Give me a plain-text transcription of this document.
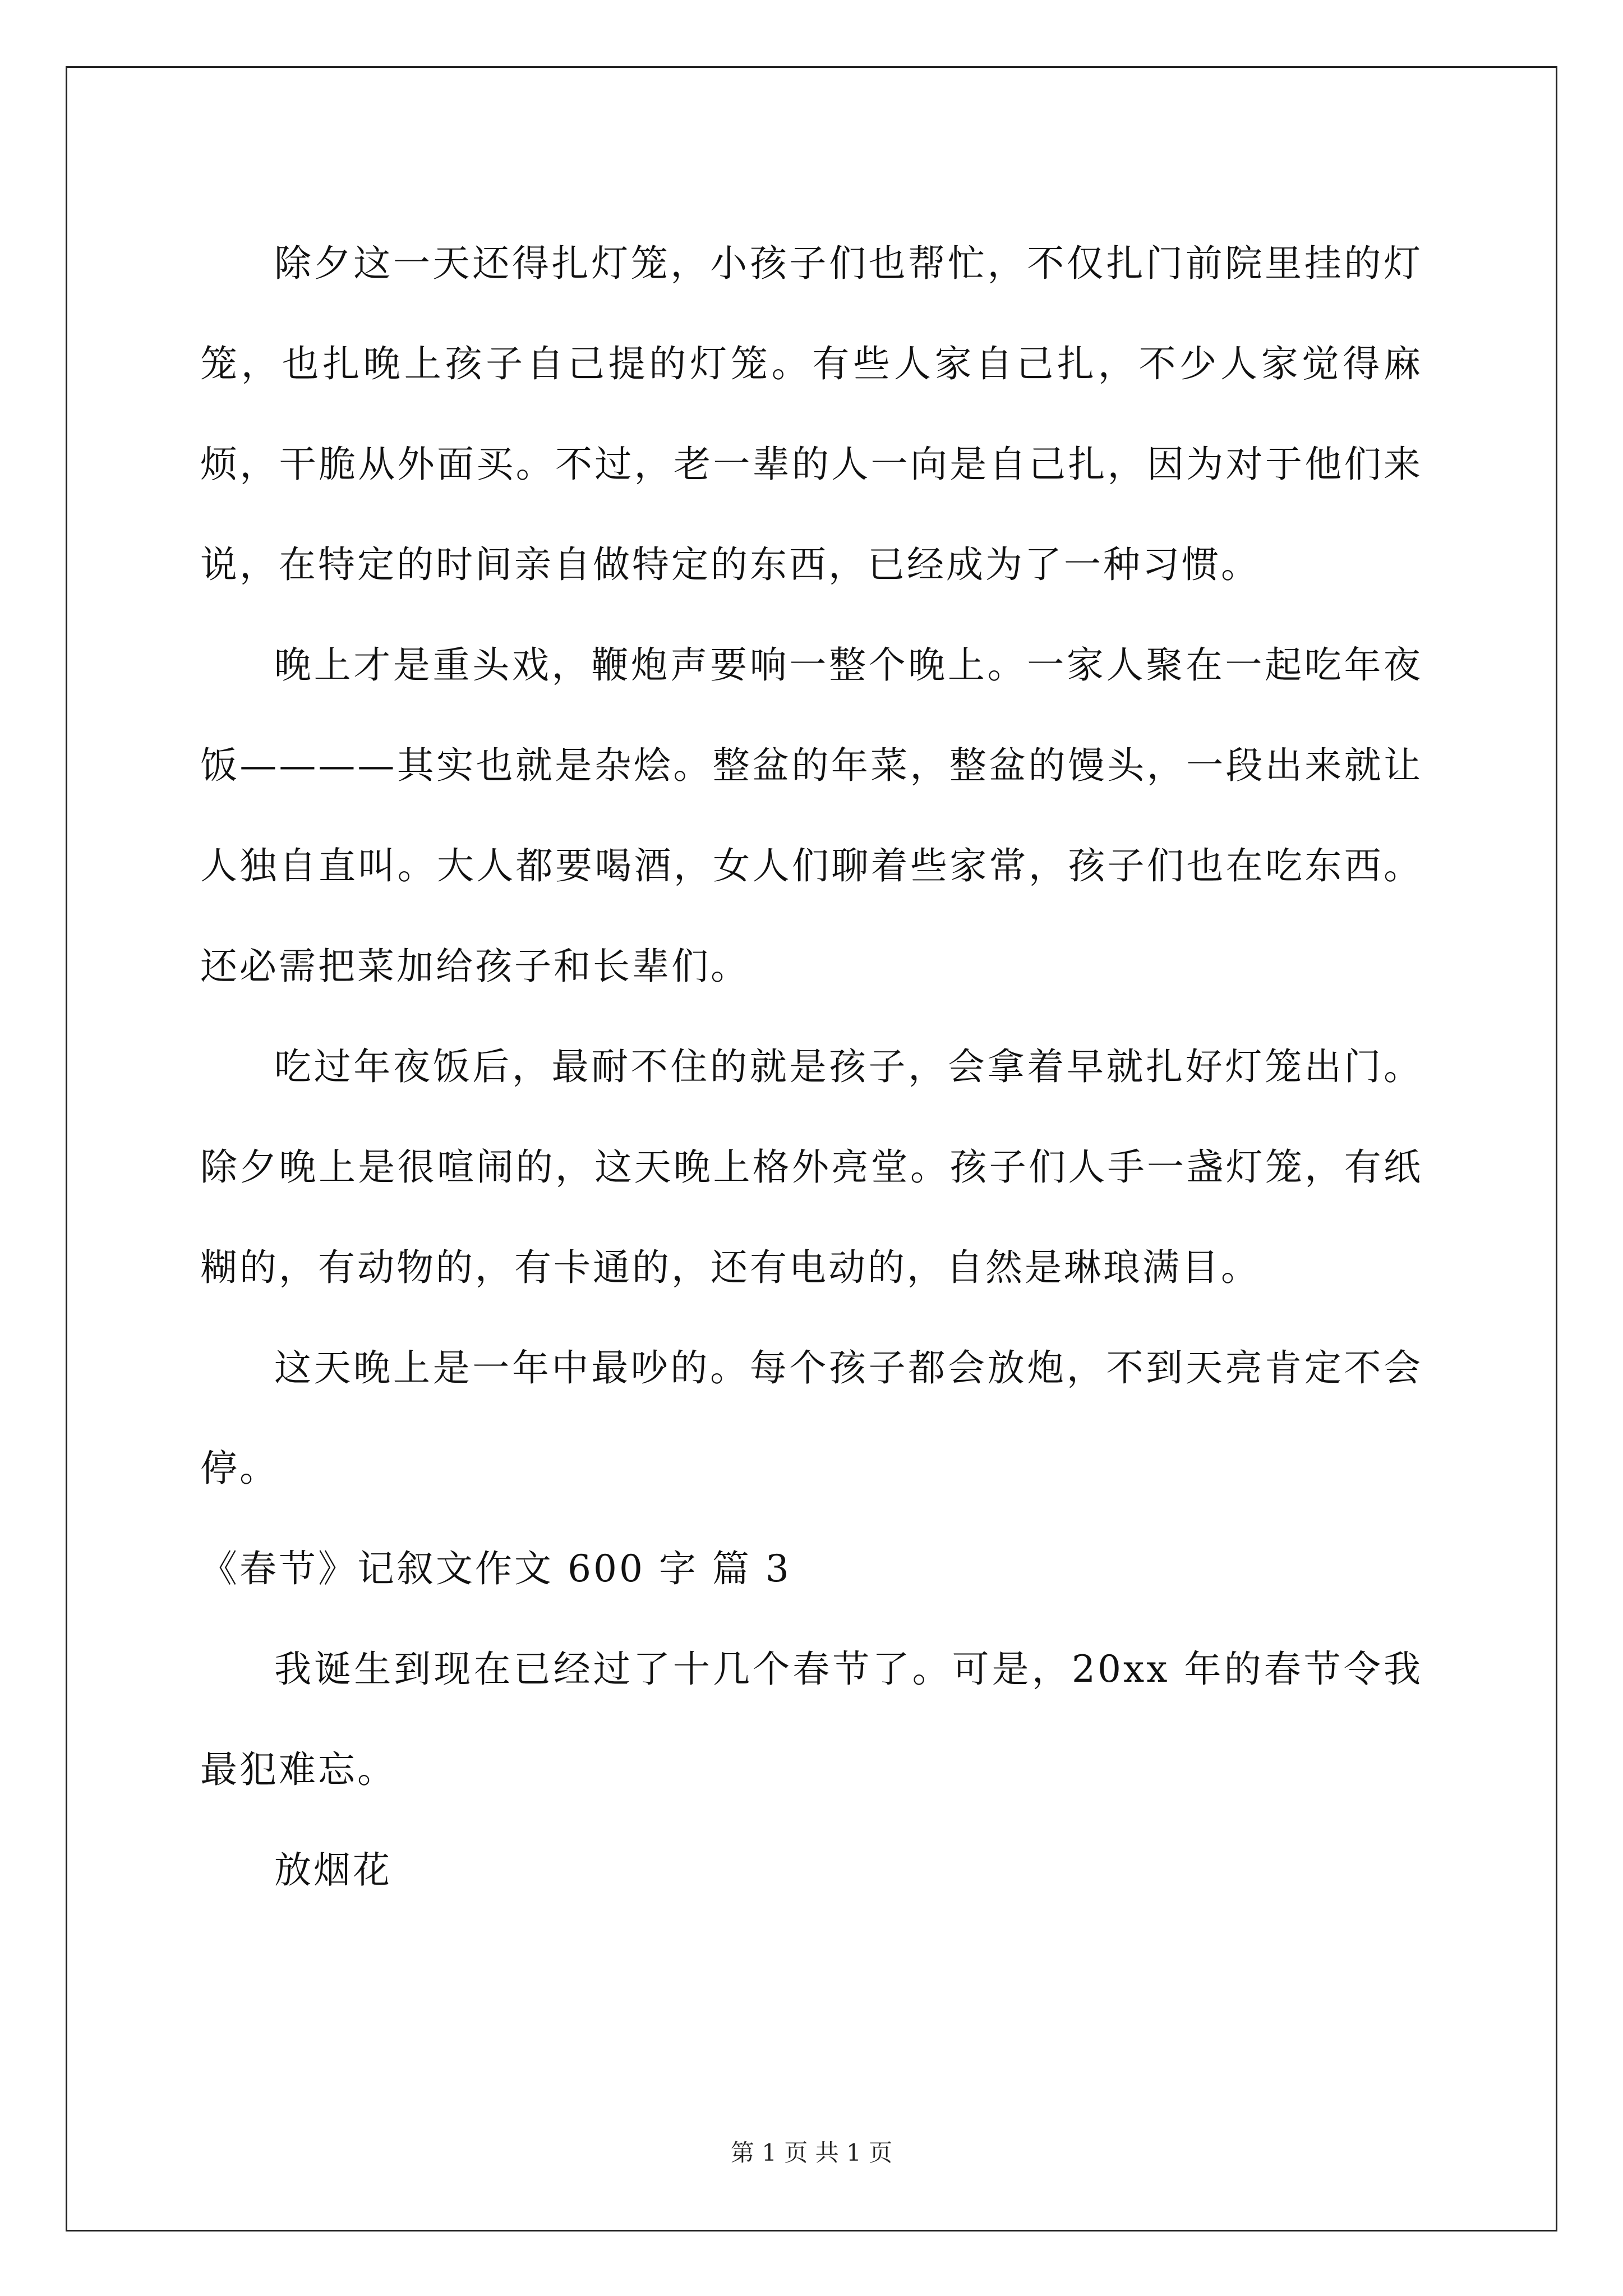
除夕这一天还得扎灯笼，小孩子们也帮忙，不仅扎门前院里挂的灯笼，也扎晚上孩子自己提的灯笼。有些人家自己扎，不少人家觉得麻烦，干脆从外面买。不过，老一辈的人一向是自己扎，因为对于他们来说，在特定的时间亲自做特定的东西，已经成为了一种习惯。

晚上才是重头戏，鞭炮声要响一整个晚上。一家人聚在一起吃年夜饭————其实也就是杂烩。整盆的年菜，整盆的馒头，一段出来就让人独自直叫。大人都要喝酒，女人们聊着些家常，孩子们也在吃东西。还必需把菜加给孩子和长辈们。

吃过年夜饭后，最耐不住的就是孩子，会拿着早就扎好灯笼出门。除夕晚上是很喧闹的，这天晚上格外亮堂。孩子们人手一盏灯笼，有纸糊的，有动物的，有卡通的，还有电动的，自然是琳琅满目。

这天晚上是一年中最吵的。每个孩子都会放炮，不到天亮肯定不会停。

《春节》记叙文作文 600 字 篇 3

我诞生到现在已经过了十几个春节了。可是，20xx 年的春节令我最犯难忘。

放烟花

第 1 页 共 1 页
